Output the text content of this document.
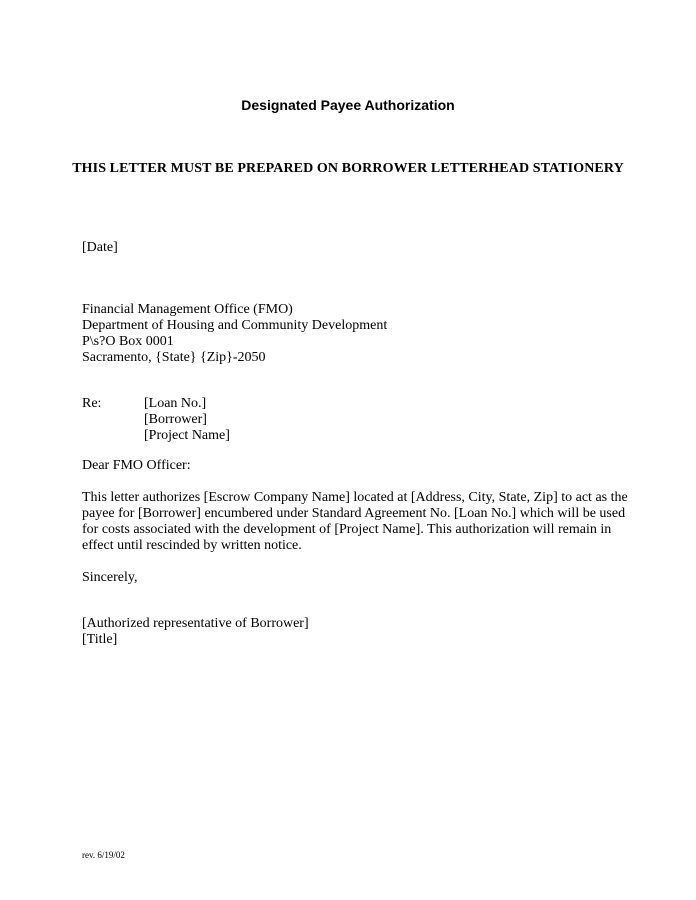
Designated Payee Authorization
THIS LETTER MUST BE PREPARED ON BORROWER LETTERHEAD STATIONERY
[Date]
Financial Management Office (FMO)
Department of Housing and Community Development
P\s?O Box 0001
Sacramento, {State} {Zip}-2050
Re:	[Loan No.]
[Borrower]
[Project Name]
Dear FMO Officer:
This letter authorizes [Escrow Company Name] located at [Address, City, State, Zip] to act as the
payee for [Borrower] encumbered under Standard Agreement No. [Loan No.] which will be used
for costs associated with the development of [Project Name]. This authorization will remain in
effect until rescinded by written notice.
Sincerely,
[Authorized representative of Borrower]
[Title]
rev. 6/19/02
